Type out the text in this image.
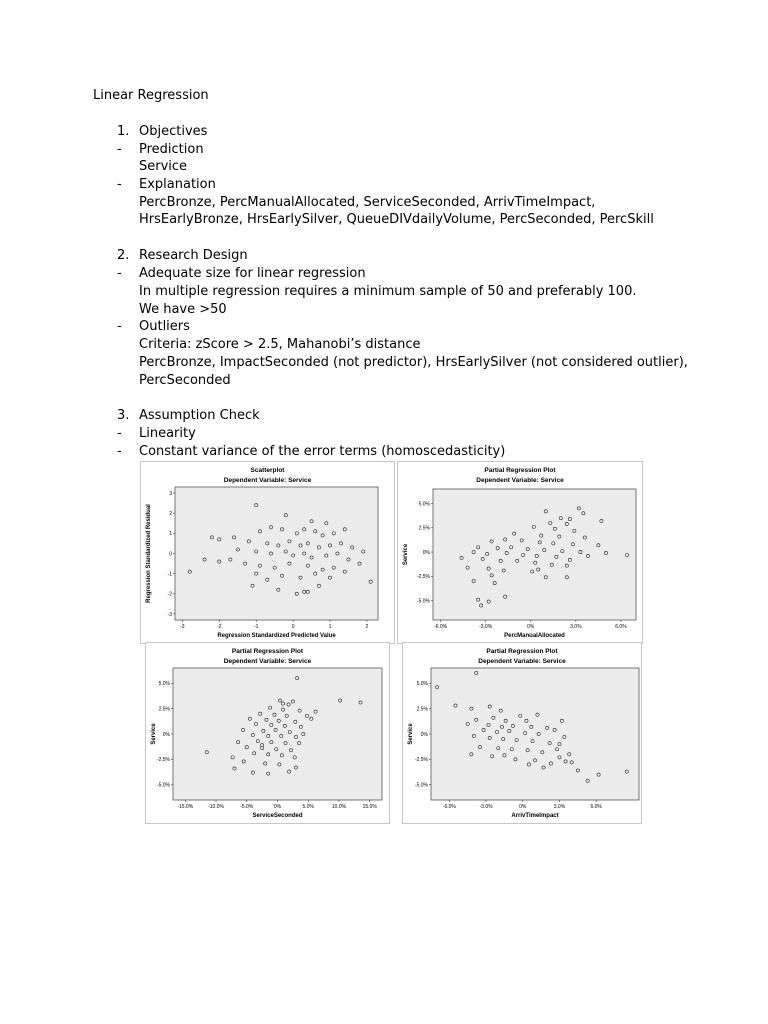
Linear Regression
1. Objectives
- Prediction
Service
- Explanation
PercBronze, PercManualAllocated, ServiceSeconded, ArrivTimeImpact,
HrsEarlyBronze, HrsEarlySilver, QueueDIVdailyVolume, PercSeconded, PercSkill
2. Research Design
- Adequate size for linear regression
In multiple regression requires a minimum sample of 50 and preferably 100.
We have >50
- Outliers
Criteria: zScore > 2.5, Mahanobi’s distance
PercBronze, ImpactSeconded (not predictor), HrsEarlySilver (not considered outlier),
PercSeconded
3. Assumption Check
- Linearity
- Constant variance of the error terms (homoscedasticity)
Scatterplot
Dependent Variable: Service
-3	-2	-1	0	1	2
3
2
1
0
-1
-2
-3
Regression Standardized Predicted Value
Regression Standardized Residual
Partial Regression Plot
Dependent Variable: Service
-6.0%	-3.0%	0%	3.0%	6.0%
5.0%
2.5%
0%
-2.5%
-5.0%
PercManualAllocated
Service
Partial Regression Plot
Dependent Variable: Service
-15.0%	-10.0%	-5.0%	0%	5.0%	10.0%	15.0%
5.0%
2.5%
0%
-2.5%
-5.0%
ServiceSeconded
Service
Partial Regression Plot
Dependent Variable: Service
-6.0%	-3.0%	0%	3.0%	6.0%
5.0%
2.5%
0%
-2.5%
-5.0%
ArrivTimeImpact
Service
